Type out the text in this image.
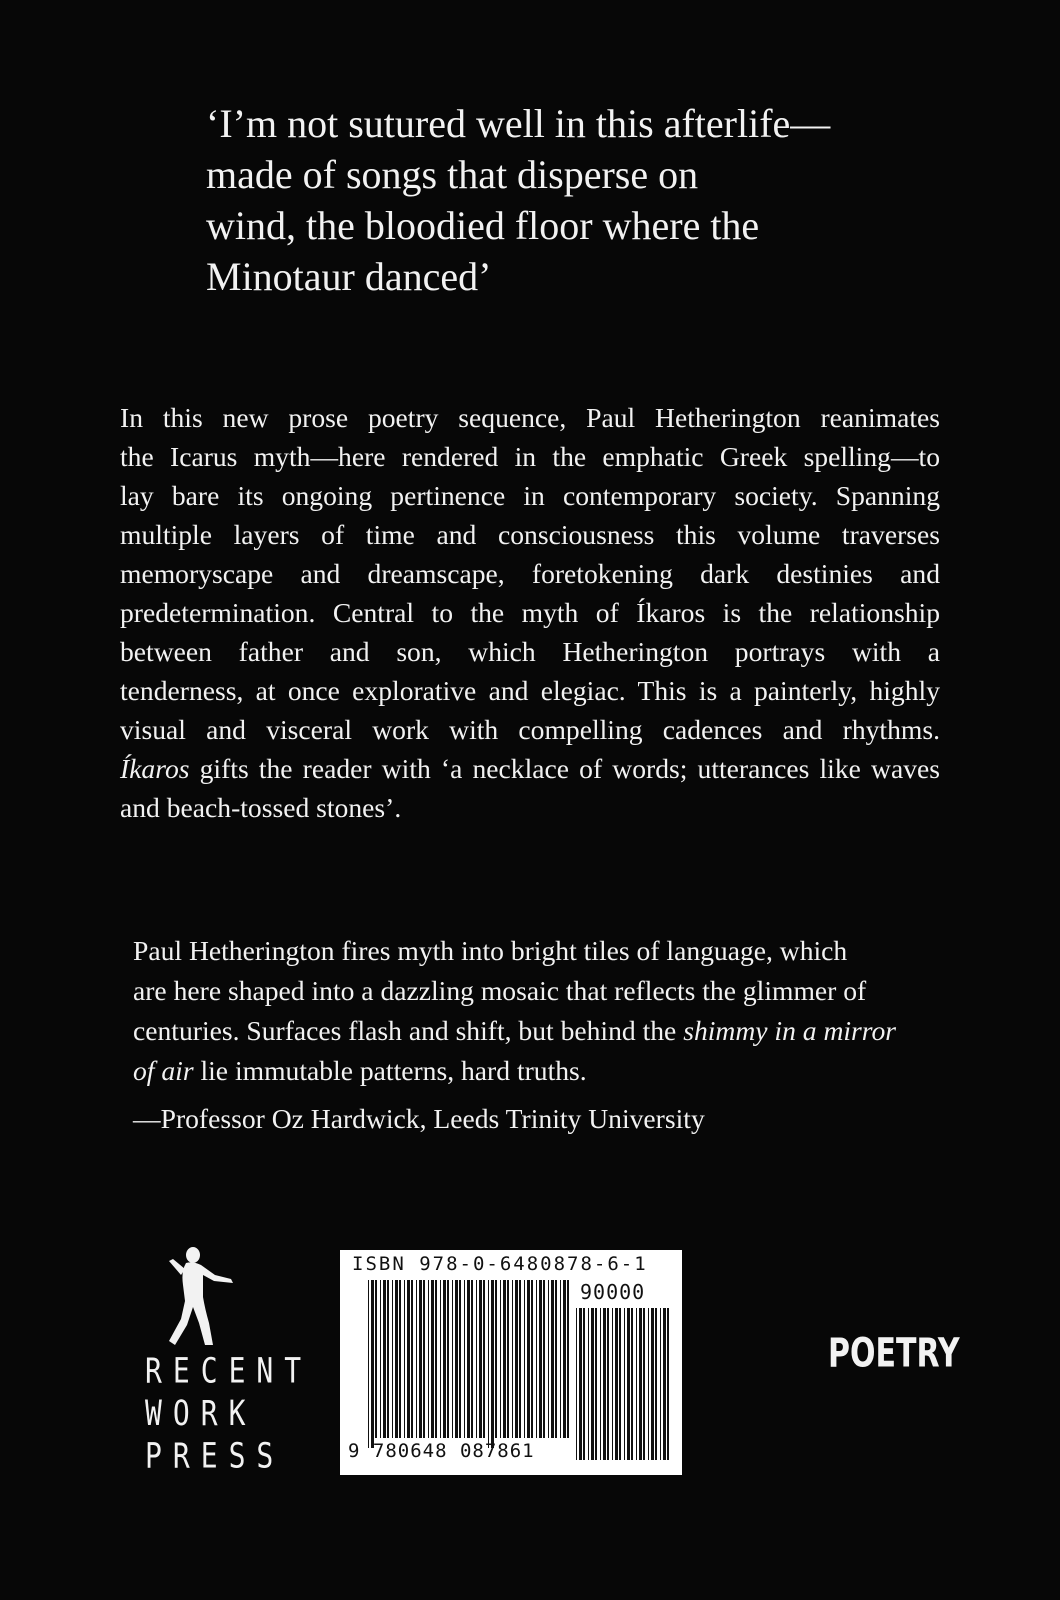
‘I’m not sutured well in this afterlife—
made of songs that disperse on
wind, the bloodied floor where the
Minotaur danced’
In this new prose poetry sequence, Paul Hetherington reanimates
the Icarus myth—here rendered in the emphatic Greek spelling—to
lay bare its ongoing pertinence in contemporary society. Spanning
multiple layers of time and consciousness this volume traverses
memoryscape and dreamscape, foretokening dark destinies and
predetermination. Central to the myth of Íkaros is the relationship
between father and son, which Hetherington portrays with a
tenderness, at once explorative and elegiac. This is a painterly, highly
visual and visceral work with compelling cadences and rhythms.
Íkaros gifts the reader with ‘a necklace of words; utterances like waves
and beach-tossed stones’.
Paul Hetherington fires myth into bright tiles of language, which
are here shaped into a dazzling mosaic that reflects the glimmer of
centuries. Surfaces flash and shift, but behind the shimmy in a mirror
of air lie immutable patterns, hard truths.
—Professor Oz Hardwick, Leeds Trinity University
RECENT
WORK
PRESS
ISBN 978-0-6480878-6-1
90000
9 780648 087861
POETRY
